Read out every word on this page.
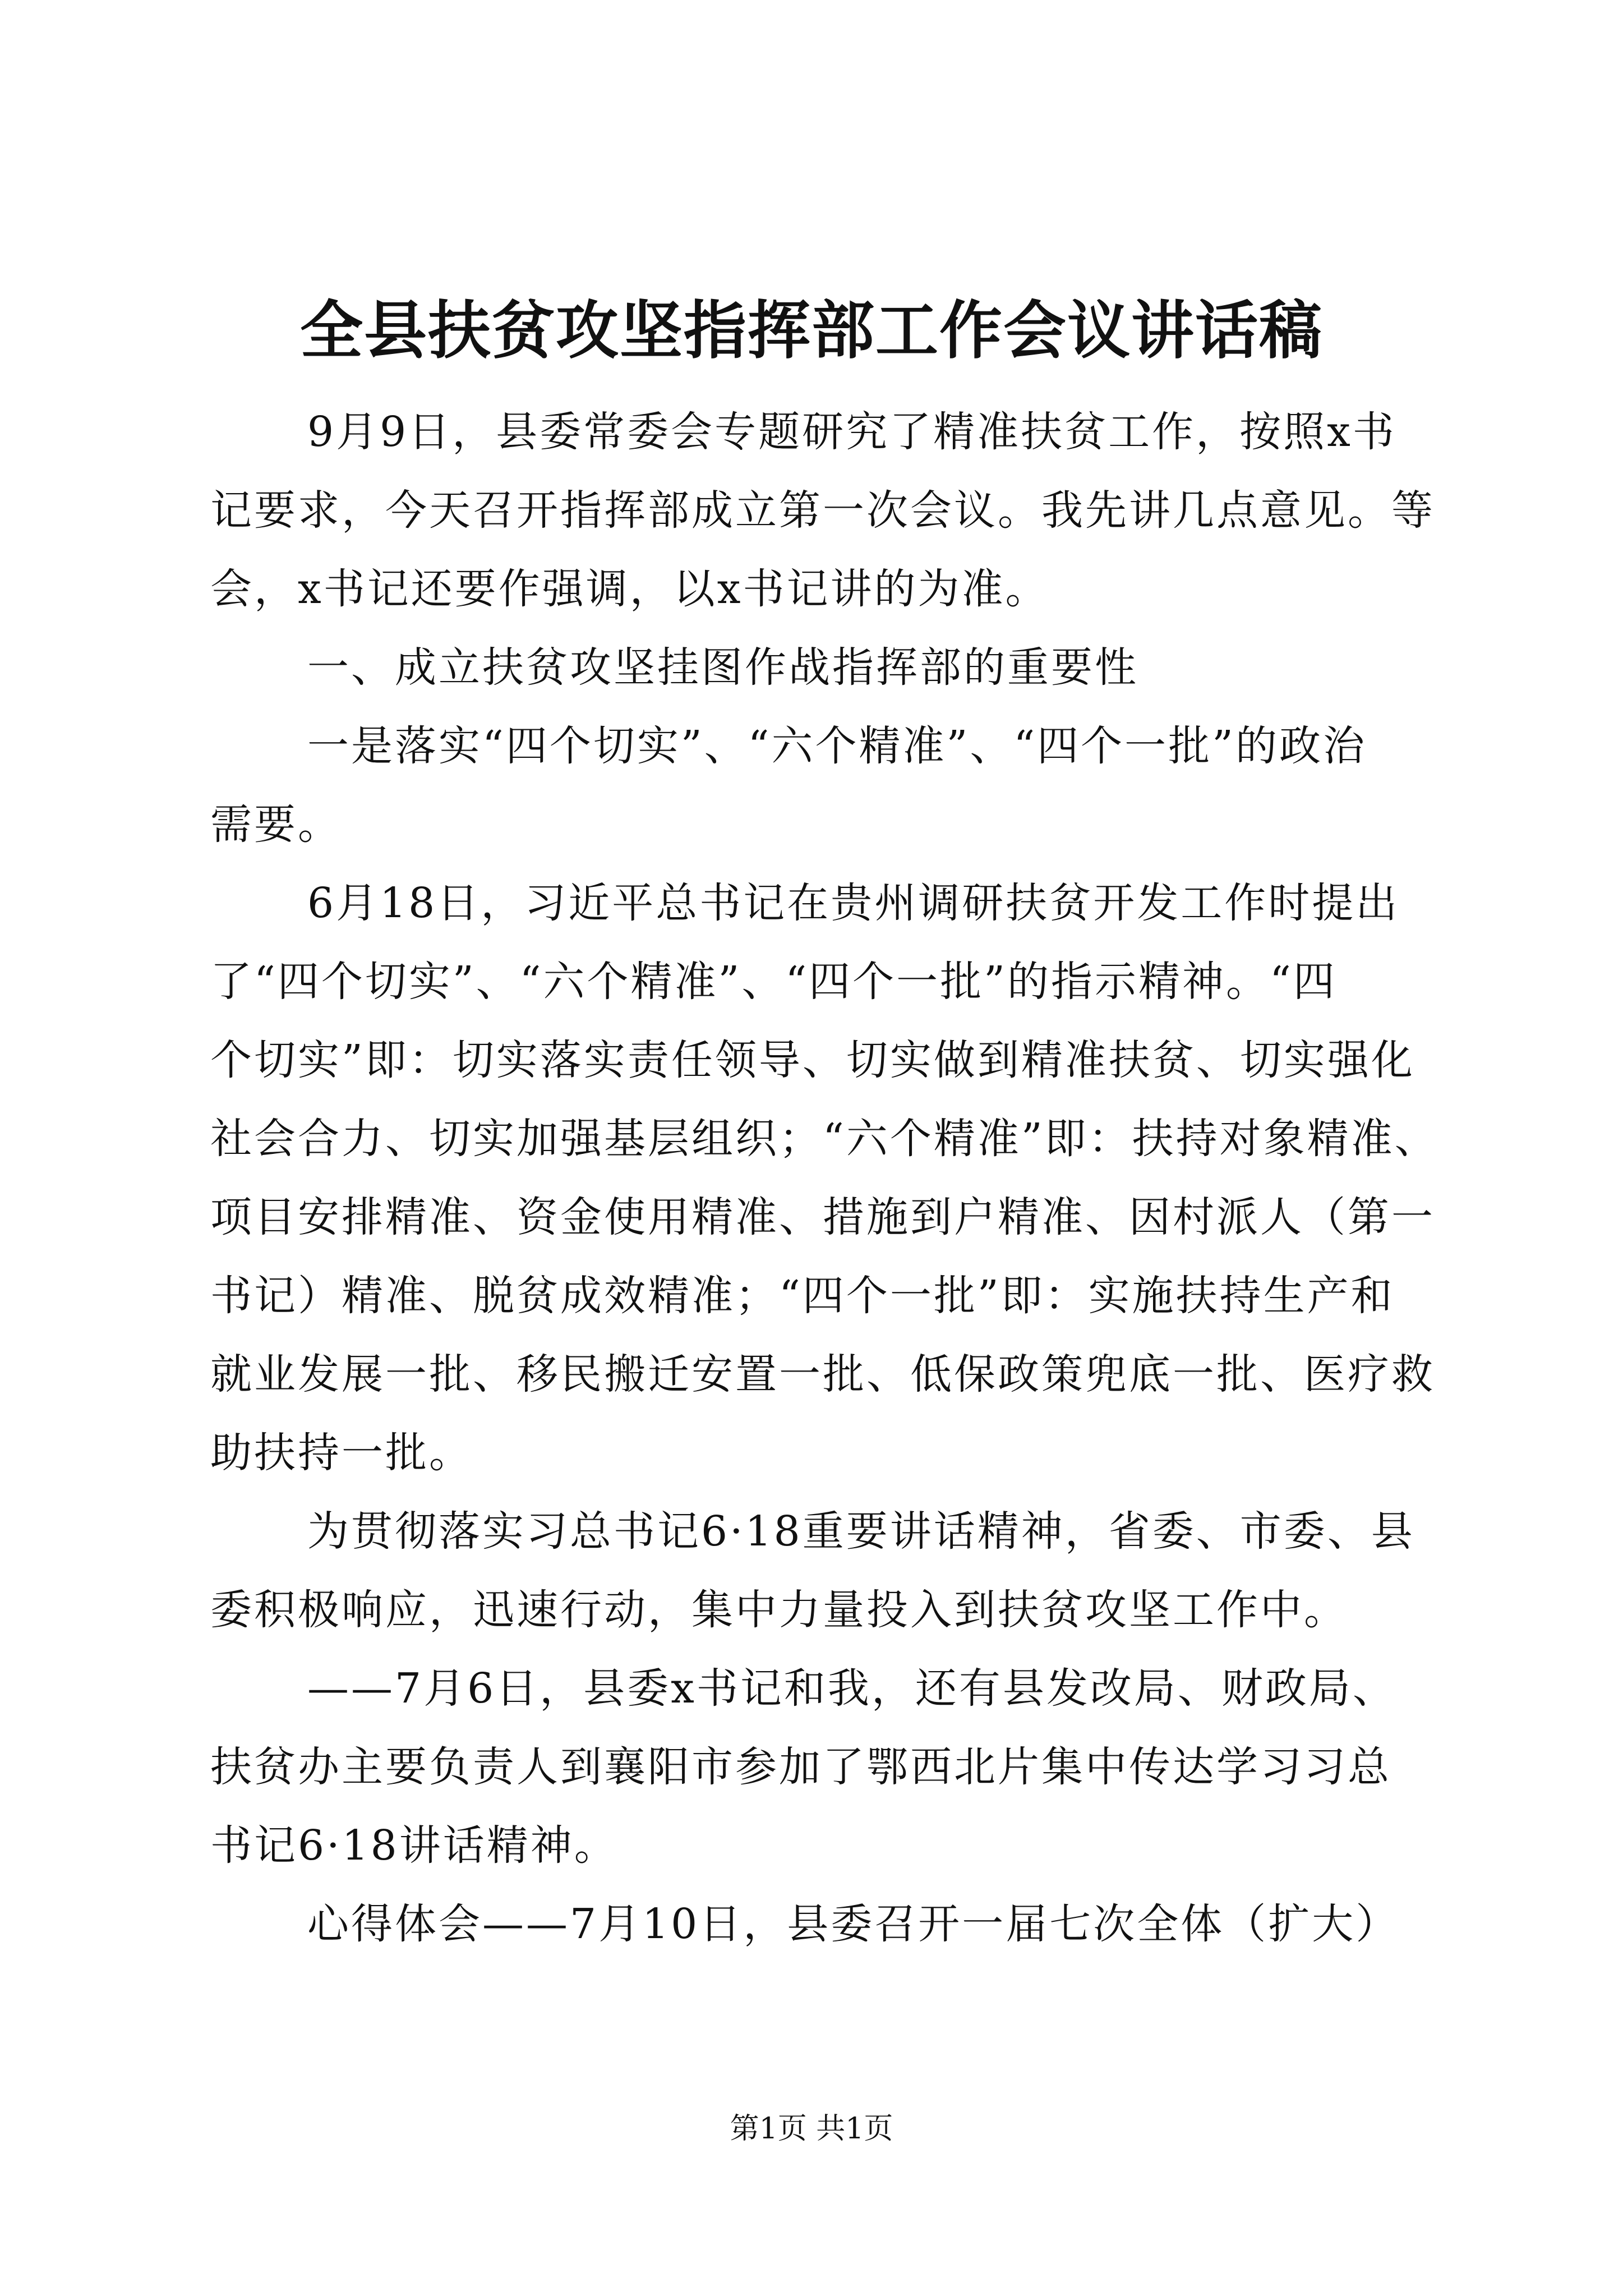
全县扶贫攻坚指挥部工作会议讲话稿
9月9日，县委常委会专题研究了精准扶贫工作，按照x书
记要求，今天召开指挥部成立第一次会议。我先讲几点意见。等
会，x书记还要作强调，以x书记讲的为准。
一、成立扶贫攻坚挂图作战指挥部的重要性
一是落实“四个切实”、“六个精准”、“四个一批”的政治
需要。
6月18日，习近平总书记在贵州调研扶贫开发工作时提出
了“四个切实”、“六个精准”、“四个一批”的指示精神。“四
个切实”即：切实落实责任领导、切实做到精准扶贫、切实强化
社会合力、切实加强基层组织；“六个精准”即：扶持对象精准、
项目安排精准、资金使用精准、措施到户精准、因村派人（第一
书记）精准、脱贫成效精准；“四个一批”即：实施扶持生产和
就业发展一批、移民搬迁安置一批、低保政策兜底一批、医疗救
助扶持一批。
为贯彻落实习总书记6·18重要讲话精神，省委、市委、县
委积极响应，迅速行动，集中力量投入到扶贫攻坚工作中。
——7月6日，县委x书记和我，还有县发改局、财政局、
扶贫办主要负责人到襄阳市参加了鄂西北片集中传达学习习总
书记6·18讲话精神。
心得体会——7月10日，县委召开一届七次全体（扩大）
第1页 共1页
